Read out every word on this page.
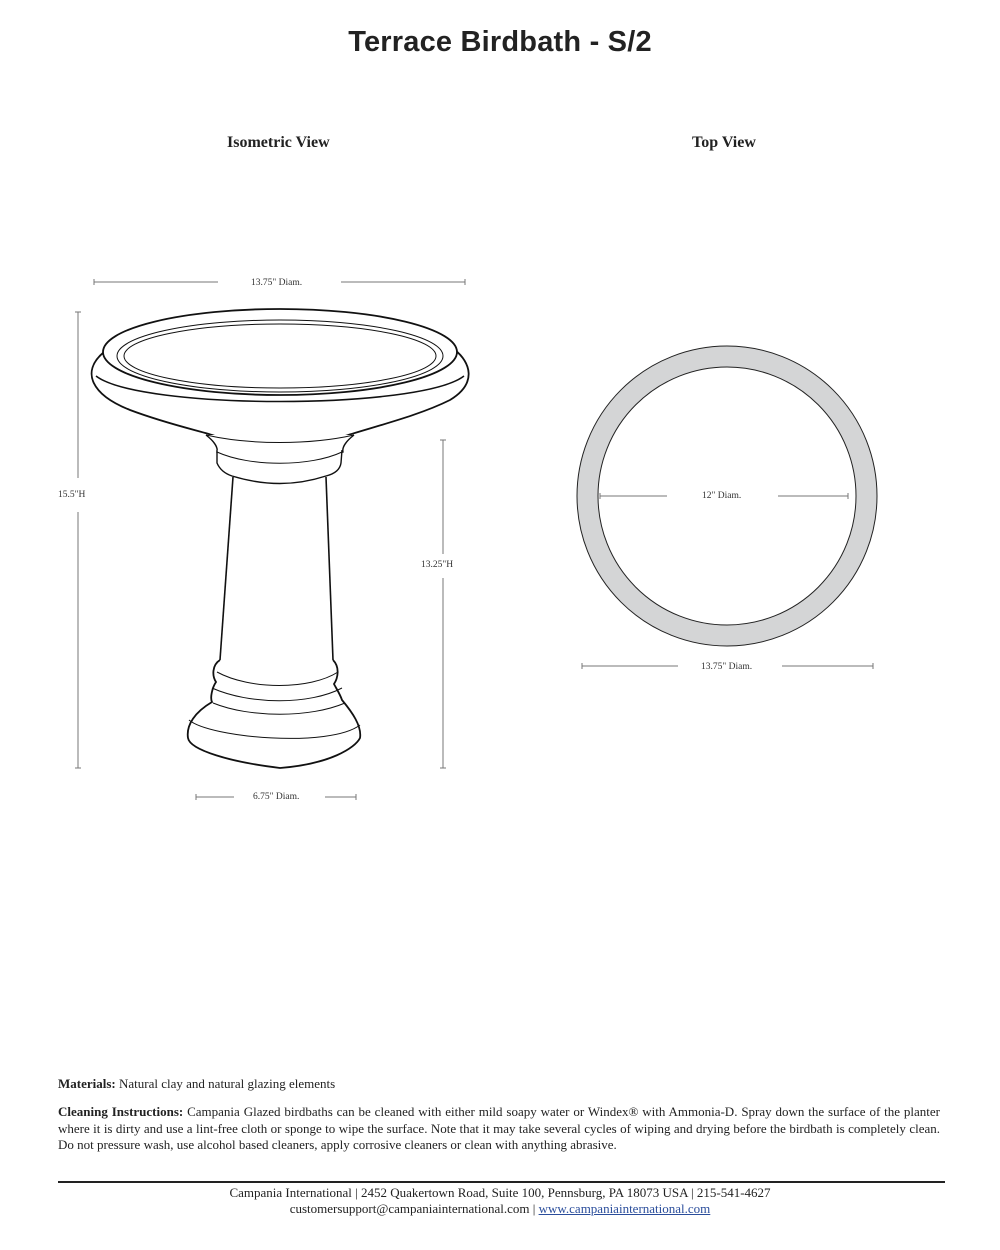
Terrace Birdbath - S/2
Isometric View	Top View
13.75" Diam.
15.5"H
13.25"H
6.75" Diam.
12" Diam.
13.75" Diam.
Materials: Natural clay and natural glazing elements
Cleaning Instructions: Campania Glazed birdbaths can be cleaned with either mild soapy water or Windex® with Ammonia-D. Spray down the surface of the planter where it is dirty and use a lint-free cloth or sponge to wipe the surface. Note that it may take several cycles of wiping and drying before the birdbath is completely clean. Do not pressure wash, use alcohol based cleaners, apply corrosive cleaners or clean with anything abrasive.
Campania International | 2452 Quakertown Road, Suite 100, Pennsburg, PA 18073 USA | 215-541-4627
customersupport@campaniainternational.com | www.campaniainternational.com
